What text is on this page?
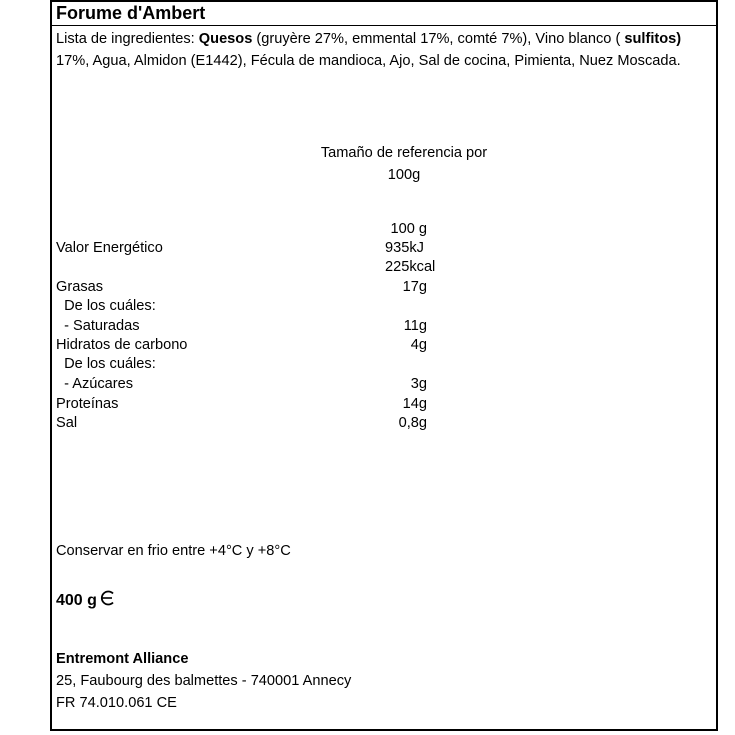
Forume d'Ambert
Lista de ingredientes: Quesos (gruyère 27%, emmental 17%, comté 7%), Vino blanco ( sulfitos) 17%, Agua, Almidon (E1442), Fécula de mandioca, Ajo, Sal de cocina, Pimienta, Nuez Moscada.
Tamaño de referencia por
100g
100 g
Valor Energético	935kJ
225kcal
Grasas	17g
De los cuáles:
- Saturadas	11g
Hidratos de carbono	4g
De los cuáles:
- Azúcares	3g
Proteínas	14g
Sal	0,8g
Conservar en frio entre +4°C y +8°C
400 g
Entremont Alliance
25, Faubourg des balmettes - 740001 Annecy
FR 74.010.061 CE
